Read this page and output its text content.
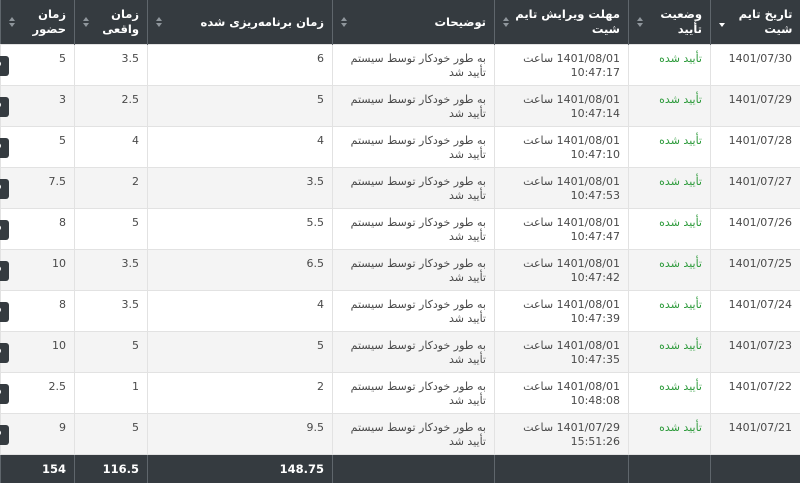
تاریخ تایم شیت	وضعیت تأیید	مهلت ویرایش تایم شیت	توضیحات	زمان برنامه‌ریزی شده	زمان واقعی	زمان حضور	

1401/07/30	تأیید شده	1401/08/01 ساعت 10:47:17	به طور خودکار توسط سیستم تأیید شد	6	3.5	5	

1401/07/29	تأیید شده	1401/08/01 ساعت 10:47:14	به طور خودکار توسط سیستم تأیید شد	5	2.5	3	

1401/07/28	تأیید شده	1401/08/01 ساعت 10:47:10	به طور خودکار توسط سیستم تأیید شد	4	4	5	

1401/07/27	تأیید شده	1401/08/01 ساعت 10:47:53	به طور خودکار توسط سیستم تأیید شد	3.5	2	7.5	

1401/07/26	تأیید شده	1401/08/01 ساعت 10:47:47	به طور خودکار توسط سیستم تأیید شد	5.5	5	8	

1401/07/25	تأیید شده	1401/08/01 ساعت 10:47:42	به طور خودکار توسط سیستم تأیید شد	6.5	3.5	10	

1401/07/24	تأیید شده	1401/08/01 ساعت 10:47:39	به طور خودکار توسط سیستم تأیید شد	4	3.5	8	

1401/07/23	تأیید شده	1401/08/01 ساعت 10:47:35	به طور خودکار توسط سیستم تأیید شد	5	5	10	

1401/07/22	تأیید شده	1401/08/01 ساعت 10:48:08	به طور خودکار توسط سیستم تأیید شد	2	1	2.5	

1401/07/21	تأیید شده	1401/07/29 ساعت 15:51:26	به طور خودکار توسط سیستم تأیید شد	9.5	5	9	

				148.75	116.5	154	
